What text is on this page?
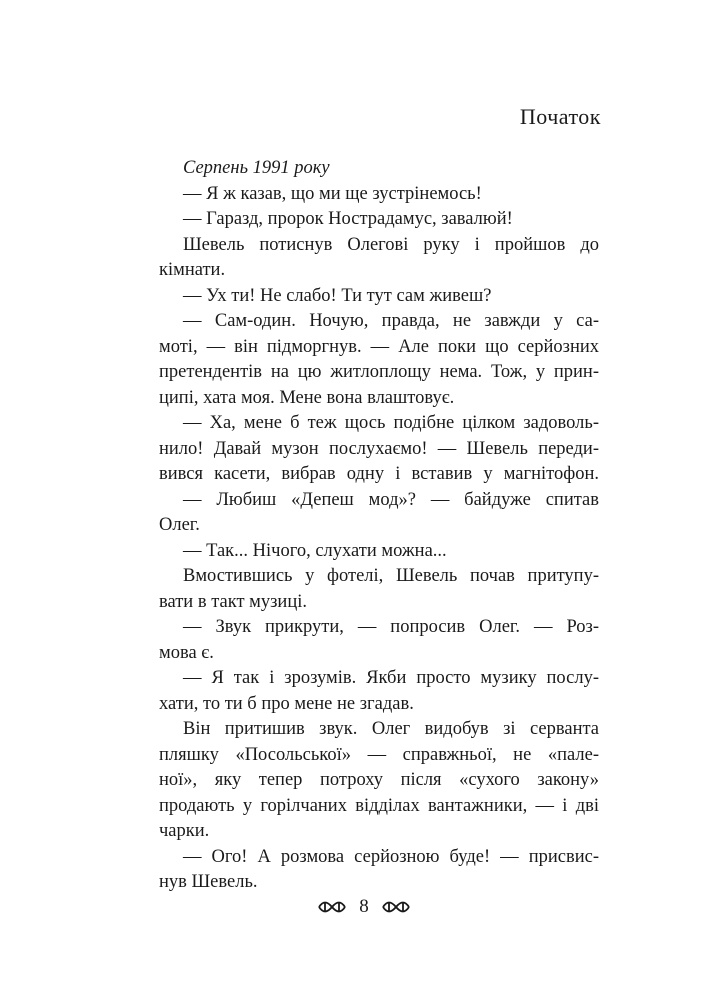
Початок
Серпень 1991 року
— Я ж казав, що ми ще зустрінемось!
— Гаразд, пророк Нострадамус, завалюй!
Шевель потиснув Олегові руку і пройшов до
кімнати.
— Ух ти! Не слабо! Ти тут сам живеш?
— Сам-один. Ночую, правда, не завжди у са-
моті, — він підморгнув. — Але поки що серйозних
претендентів на цю житлоплощу нема. Тож, у прин-
ципі, хата моя. Мене вона влаштовує.
— Ха, мене б теж щось подібне цілком задоволь-
нило! Давай музон послухаємо! — Шевель переди-
вився касети, вибрав одну і вставив у магнітофон.
— Любиш «Депеш мод»? — байдуже спитав
Олег.
— Так... Нічого, слухати можна...
Вмостившись у фотелі, Шевель почав притупу-
вати в такт музиці.
— Звук прикрути, — попросив Олег. — Роз-
мова є.
— Я так і зрозумів. Якби просто музику послу-
хати, то ти б про мене не згадав.
Він притишив звук. Олег видобув зі серванта
пляшку «Посольської» — справжньої, не «пале-
ної», яку тепер потроху після «сухого закону»
продають у горілчаних відділах вантажники, — і дві
чарки.
— Ого! А розмова серйозною буде! — присвис-
нув Шевель.
8
